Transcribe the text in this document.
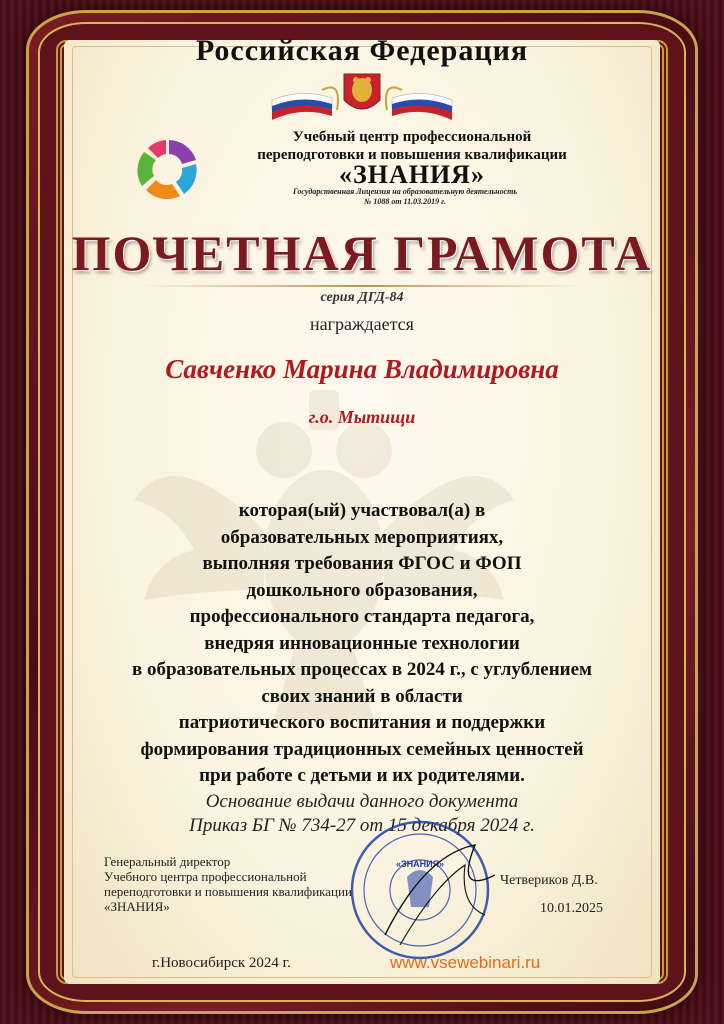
Российская Федерация
Учебный центр профессиональной
переподготовки и повышения квалификации
«ЗНАНИЯ»
Государственная Лицензия на образовательную деятельность
№ 1088 от 11.03.2019 г.
ПОЧЕТНАЯ ГРАМОТА
серия ДГД-84
награждается
Савченко Марина Владимировна
г.о. Мытищи
которая(ый) участвовал(а) в
образовательных мероприятиях,
выполняя требования ФГОС и ФОП
дошкольного образования,
профессионального стандарта педагога,
внедряя инновационные технологии
в образовательных процессах в 2024 г., с углублением
своих знаний в области
патриотического воспитания и поддержки
формирования традиционных семейных ценностей
при работе с детьми и их родителями.
Основание выдачи данного документа
Приказ БГ № 734-27 от 15 декабря 2024 г.
Генеральный директор
Учебного центра профессиональной
переподготовки и повышения квалификации
«ЗНАНИЯ»
«ЗНАНИЯ»
Четвериков Д.В.
10.01.2025
г.Новосибирск 2024 г.	www.vsewebinari.ru
